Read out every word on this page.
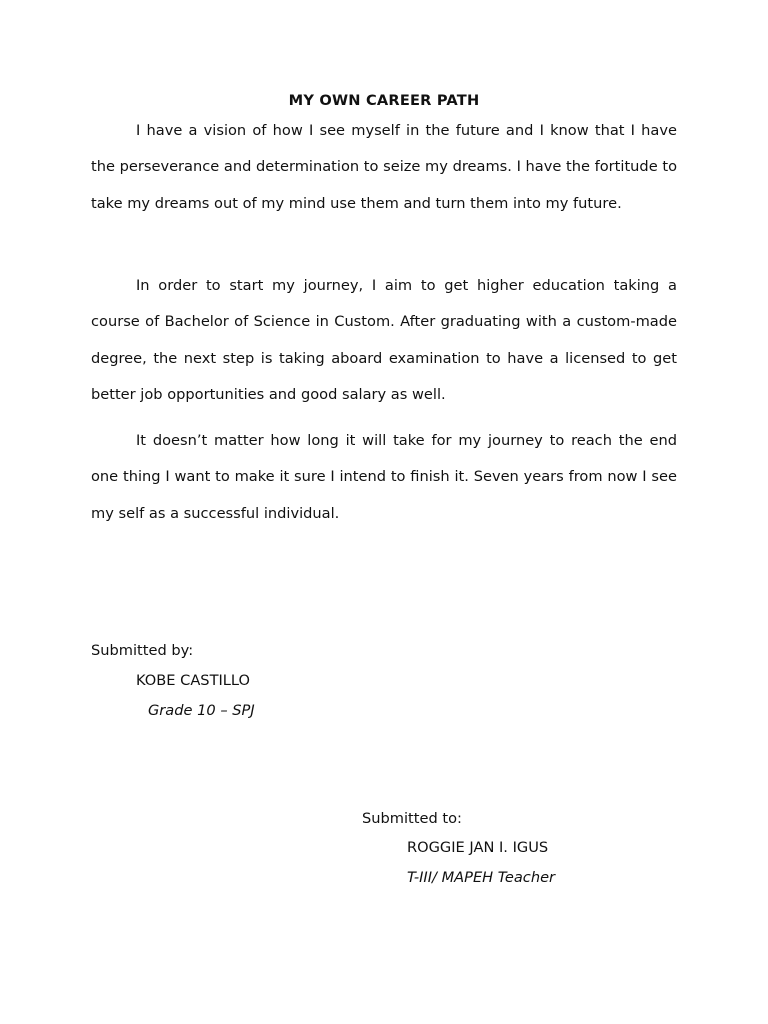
MY OWN CAREER PATH

I have a vision of how I see myself in the future and I know that I have the perseverance and determination to seize my dreams. I have the fortitude to take my dreams out of my mind use them and turn them into my future.

In order to start my journey, I aim to get higher education taking a course of Bachelor of Science in Custom. After graduating with a custom-made degree, the next step is taking aboard examination to have a licensed to get better job opportunities and good salary as well.

It doesn’t matter how long it will take for my journey to reach the end one thing I want to make it sure I intend to finish it. Seven years from now I see my self as a successful individual.

Submitted by:
KOBE CASTILLO
Grade 10 – SPJ
Submitted to:
ROGGIE JAN I. IGUS
T-III/ MAPEH Teacher
